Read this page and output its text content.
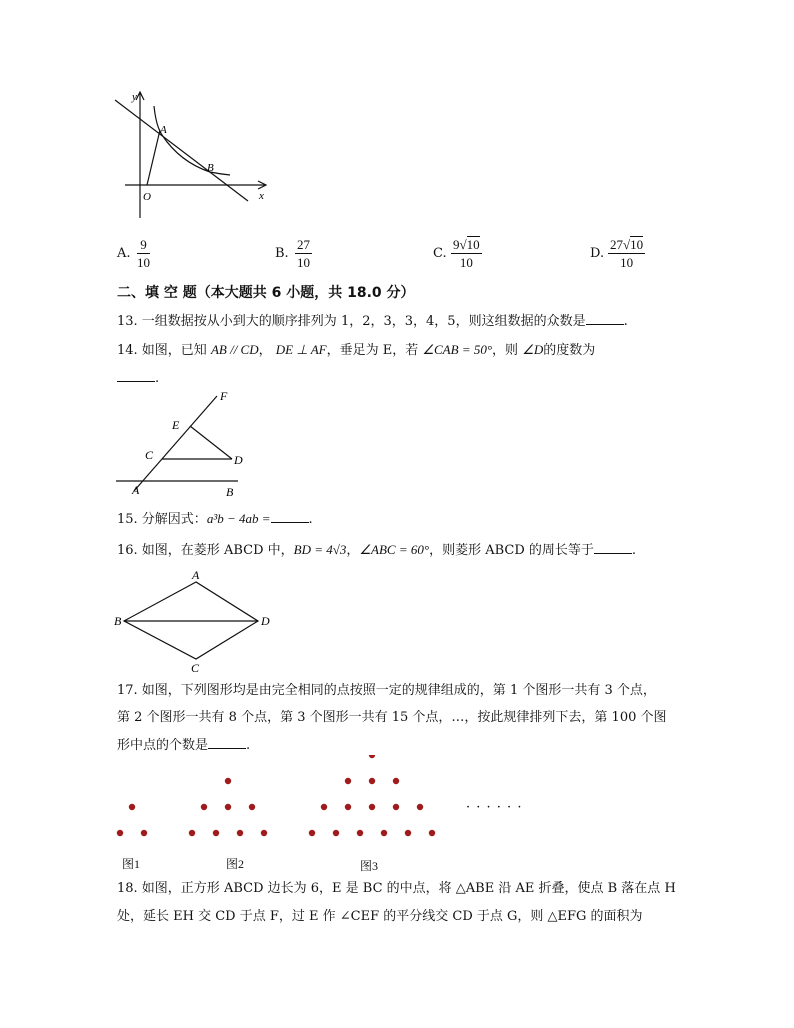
y
x
O
A
B
A. $\frac{9}{10}$	B. $\frac{27}{10}$	C. $\frac{9√10}{10}$	D. $\frac{27√10}{10}$
二、填 空 题（本大题共 6 小题，共 18.0 分）
13. 一组数据按从小到大的顺序排列为 1，2，3，3，4，5，则这组数据的众数是	.
14. 如图，已知 AB // CD， DE ⊥ AF，垂足为 E，若 ∠CAB = 50°，则 ∠D的度数为
.
F
E
C	D
A	B
15. 分解因式：a³b − 4ab =	.
16. 如图，在菱形 ABCD 中，BD = 4√3，∠ABC = 60°，则菱形 ABCD 的周长等于	.
A
B
C
D
17. 如图，下列图形均是由完全相同的点按照一定的规律组成的，第 1 个图形一共有 3 个点，
第 2 个图形一共有 8 个点，第 3 个图形一共有 15 个点，…，按此规律排列下去，第 100 个图
形中点的个数是	.
图1	图2	图3
· · · · · ·
18. 如图，正方形 ABCD 边长为 6，E 是 BC 的中点，将 △ABE 沿 AE 折叠，使点 B 落在点 H
处，延长 EH 交 CD 于点 F，过 E 作 ∠CEF 的平分线交 CD 于点 G，则 △EFG 的面积为
